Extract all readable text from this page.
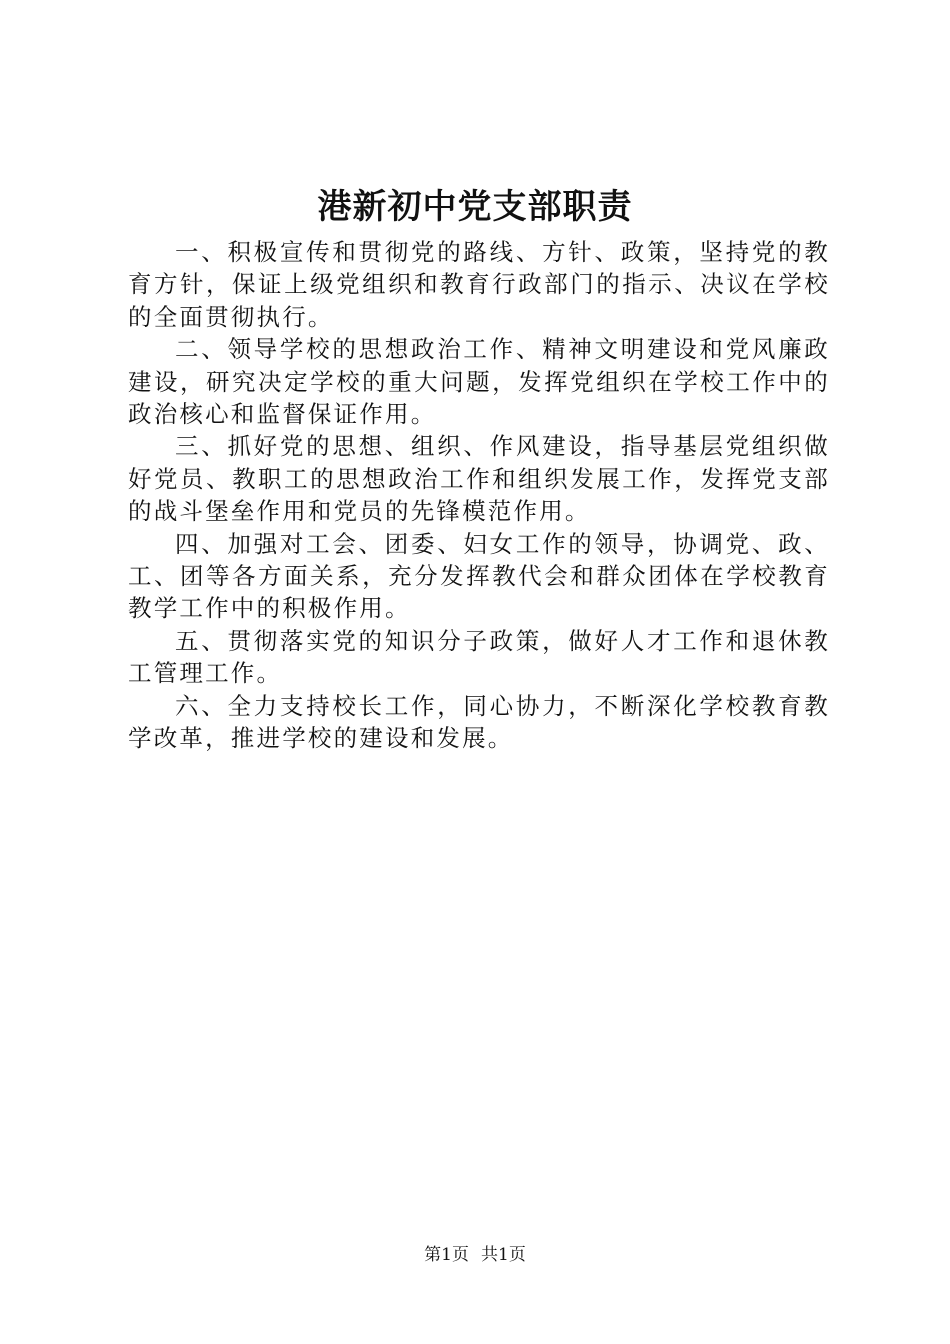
港新初中党支部职责

一、积极宣传和贯彻党的路线、方针、政策，坚持党的教育方针，保证上级党组织和教育行政部门的指示、决议在学校的全面贯彻执行。

二、领导学校的思想政治工作、精神文明建设和党风廉政建设，研究决定学校的重大问题，发挥党组织在学校工作中的政治核心和监督保证作用。

三、抓好党的思想、组织、作风建设，指导基层党组织做好党员、教职工的思想政治工作和组织发展工作，发挥党支部的战斗堡垒作用和党员的先锋模范作用。

四、加强对工会、团委、妇女工作的领导，协调党、政、工、团等各方面关系，充分发挥教代会和群众团体在学校教育教学工作中的积极作用。

五、贯彻落实党的知识分子政策，做好人才工作和退休教工管理工作。

六、全力支持校长工作，同心协力，不断深化学校教育教学改革，推进学校的建设和发展。

第1页 共1页
